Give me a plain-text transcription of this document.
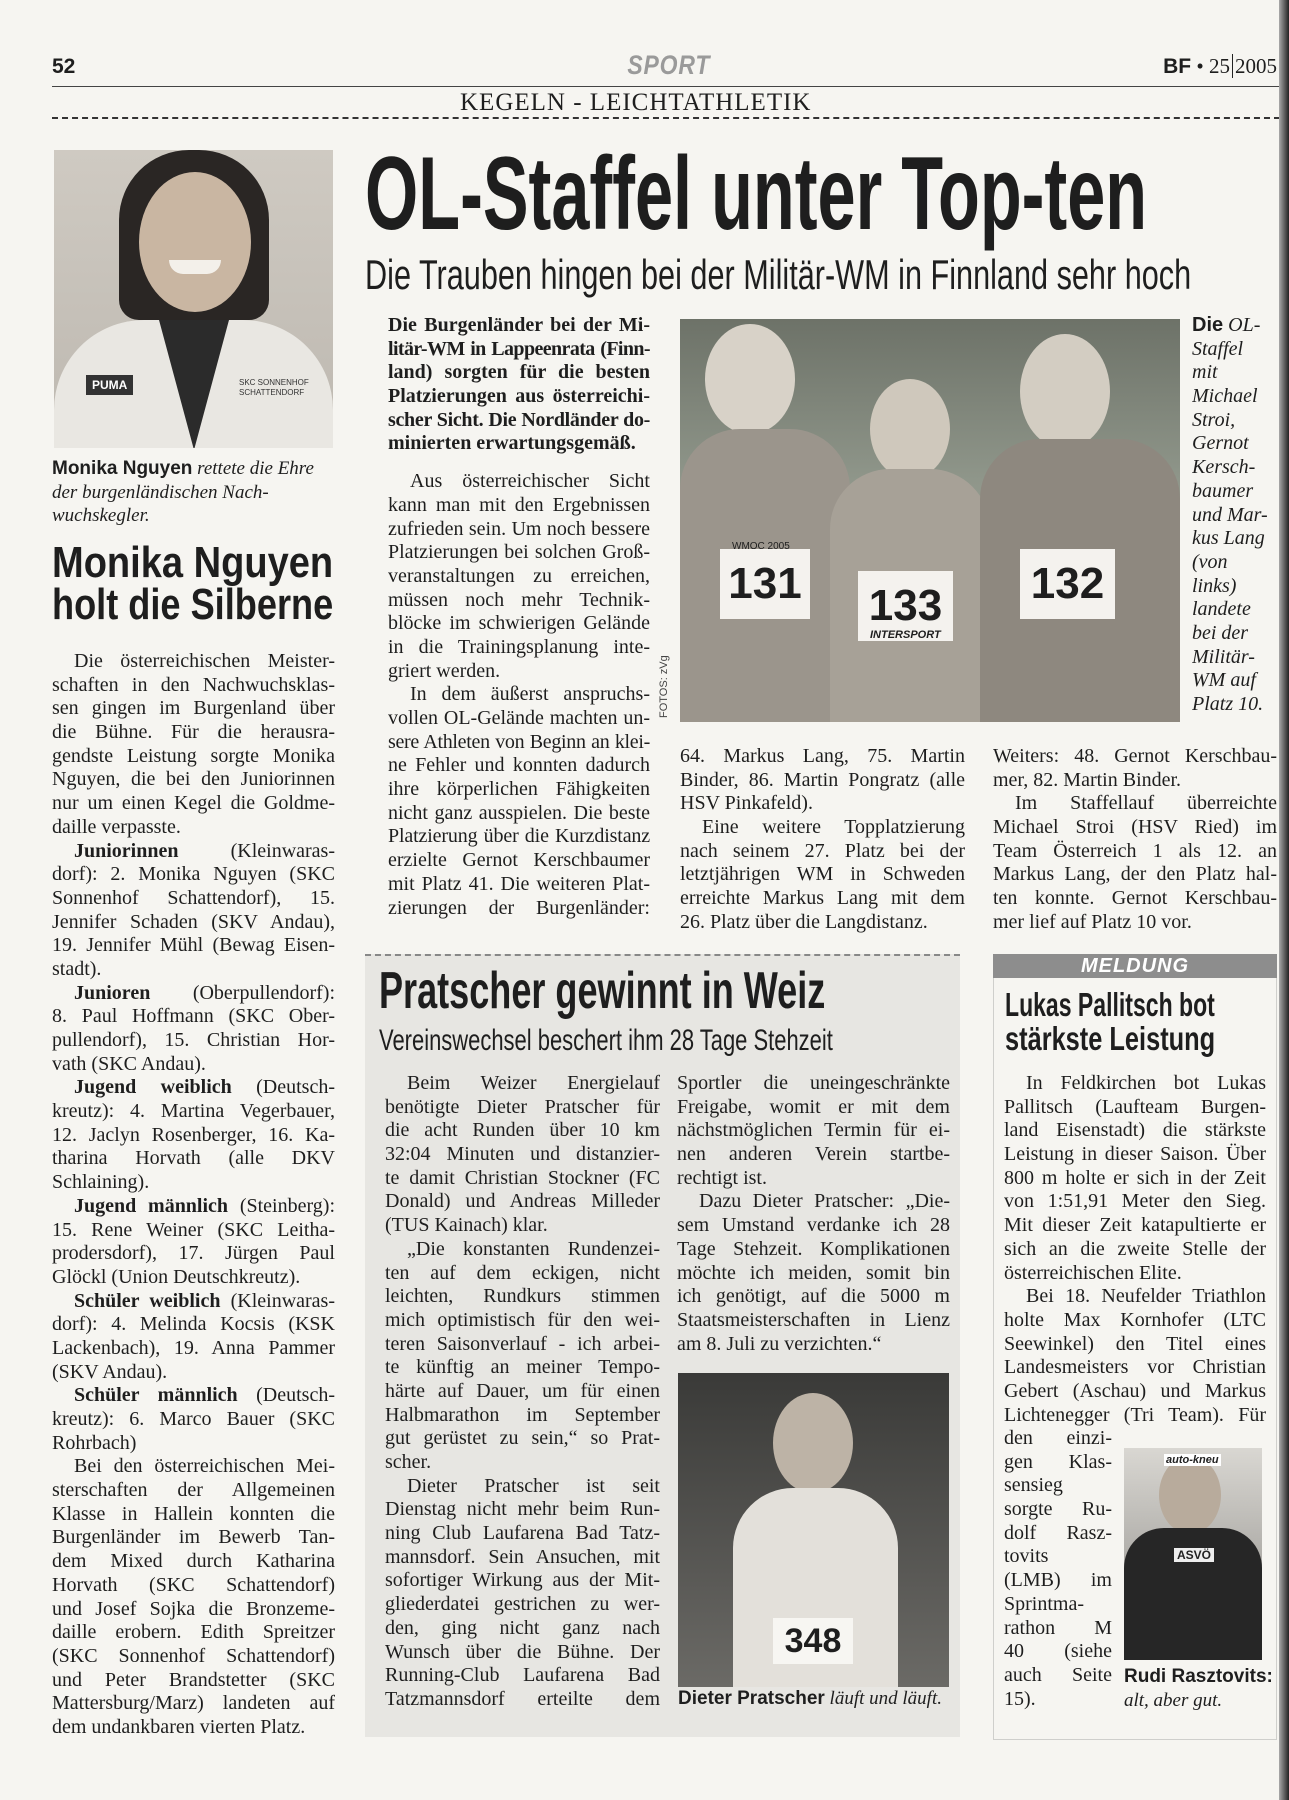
52	SPORT	BF • 25 2005
KEGELN - LEICHTATHLETIK
PUMA	SKC SONNENHOF SCHATTENDORF
Monika Nguyen rettete die Ehre
der burgenländischen Nach-
wuchskegler.
Monika Nguyen
holt die Silberne
Die österreichischen Meister-
schaften in den Nachwuchsklas-
sen gingen im Burgenland über
die Bühne. Für die herausra-
gendste Leistung sorgte Monika
Nguyen, die bei den Juniorinnen
nur um einen Kegel die Goldme-
daille verpasste.
Juniorinnen (Kleinwaras-
dorf): 2. Monika Nguyen (SKC
Sonnenhof Schattendorf), 15.
Jennifer Schaden (SKV Andau),
19. Jennifer Mühl (Bewag Eisen-
stadt).
Junioren (Oberpullendorf):
8. Paul Hoffmann (SKC Ober-
pullendorf), 15. Christian Hor-
vath (SKC Andau).
Jugend weiblich (Deutsch-
kreutz): 4. Martina Vegerbauer,
12. Jaclyn Rosenberger, 16. Ka-
tharina Horvath (alle DKV
Schlaining).
Jugend männlich (Steinberg):
15. Rene Weiner (SKC Leitha-
prodersdorf), 17. Jürgen Paul
Glöckl (Union Deutschkreutz).
Schüler weiblich (Kleinwaras-
dorf): 4. Melinda Kocsis (KSK
Lackenbach), 19. Anna Pammer
(SKV Andau).
Schüler männlich (Deutsch-
kreutz): 6. Marco Bauer (SKC
Rohrbach)
Bei den österreichischen Mei-
sterschaften der Allgemeinen
Klasse in Hallein konnten die
Burgenländer im Bewerb Tan-
dem Mixed durch Katharina
Horvath (SKC Schattendorf)
und Josef Sojka die Bronzeme-
daille erobern. Edith Spreitzer
(SKC Sonnenhof Schattendorf)
und Peter Brandstetter (SKC
Mattersburg/Marz) landeten auf
dem undankbaren vierten Platz.
OL-Staffel unter Top-ten
Die Trauben hingen bei der Militär-WM in Finnland sehr hoch
Die Burgenländer bei der Mi-
litär-WM in Lappeenrata (Finn-
land) sorgten für die besten
Platzierungen aus österreichi-
scher Sicht. Die Nordländer do-
minierten erwartungsgemäß.
Aus österreichischer Sicht
kann man mit den Ergebnissen
zufrieden sein. Um noch bessere
Platzierungen bei solchen Groß-
veranstaltungen zu erreichen,
müssen noch mehr Technik-
blöcke im schwierigen Gelände
in die Trainingsplanung inte-
griert werden.
In dem äußerst anspruchs-
vollen OL-Gelände machten un-
sere Athleten von Beginn an klei-
ne Fehler und konnten dadurch
ihre körperlichen Fähigkeiten
nicht ganz ausspielen. Die beste
Platzierung über die Kurzdistanz
erzielte Gernot Kerschbaumer
mit Platz 41. Die weiteren Plat-
zierungen der Burgenländer:
131 133 132
WMOC 2005
INTERSPORT
FOTOS: zVg
Die OL-
Staffel
mit
Michael
Stroi,
Gernot
Kersch-
baumer
und Mar-
kus Lang
(von
links)
landete
bei der
Militär-
WM auf
Platz 10.
64. Markus Lang, 75. Martin
Binder, 86. Martin Pongratz (alle
HSV Pinkafeld).
Eine weitere Topplatzierung
nach seinem 27. Platz bei der
letztjährigen WM in Schweden
erreichte Markus Lang mit dem
26. Platz über die Langdistanz.
Weiters: 48. Gernot Kerschbau-
mer, 82. Martin Binder.
Im Staffellauf überreichte
Michael Stroi (HSV Ried) im
Team Österreich 1 als 12. an
Markus Lang, der den Platz hal-
ten konnte. Gernot Kerschbau-
mer lief auf Platz 10 vor.
Pratscher gewinnt in Weiz
Vereinswechsel beschert ihm 28 Tage Stehzeit
Beim Weizer Energielauf
benötigte Dieter Pratscher für
die acht Runden über 10 km
32:04 Minuten und distanzier-
te damit Christian Stockner (FC
Donald) und Andreas Milleder
(TUS Kainach) klar.
„Die konstanten Rundenzei-
ten auf dem eckigen, nicht
leichten, Rundkurs stimmen
mich optimistisch für den wei-
teren Saisonverlauf - ich arbei-
te künftig an meiner Tempo-
härte auf Dauer, um für einen
Halbmarathon im September
gut gerüstet zu sein,“ so Prat-
scher.
Dieter Pratscher ist seit
Dienstag nicht mehr beim Run-
ning Club Laufarena Bad Tatz-
mannsdorf. Sein Ansuchen, mit
sofortiger Wirkung aus der Mit-
gliederdatei gestrichen zu wer-
den, ging nicht ganz nach
Wunsch über die Bühne. Der
Running-Club Laufarena Bad
Tatzmannsdorf erteilte dem
Sportler die uneingeschränkte
Freigabe, womit er mit dem
nächstmöglichen Termin für ei-
nen anderen Verein startbe-
rechtigt ist.
Dazu Dieter Pratscher: „Die-
sem Umstand verdanke ich 28
Tage Stehzeit. Komplikationen
möchte ich meiden, somit bin
ich genötigt, auf die 5000 m
Staatsmeisterschaften in Lienz
am 8. Juli zu verzichten.“
348
Dieter Pratscher läuft und läuft.
MELDUNG
Lukas Pallitsch bot
stärkste Leistung
In Feldkirchen bot Lukas
Pallitsch (Laufteam Burgen-
land Eisenstadt) die stärkste
Leistung in dieser Saison. Über
800 m holte er sich in der Zeit
von 1:51,91 Meter den Sieg.
Mit dieser Zeit katapultierte er
sich an die zweite Stelle der
österreichischen Elite.
Bei 18. Neufelder Triathlon
holte Max Kornhofer (LTC
Seewinkel) den Titel eines
Landesmeisters vor Christian
Gebert (Aschau) und Markus
Lichtenegger (Tri Team). Für
den einzi-
gen Klas-
sensieg
sorgte Ru-
dolf Rasz-
tovits
(LMB) im
Sprintma-
rathon M
40 (siehe
auch Seite
15).
auto-kneu
ASVÖ
Rudi Rasztovits:
alt, aber gut.
